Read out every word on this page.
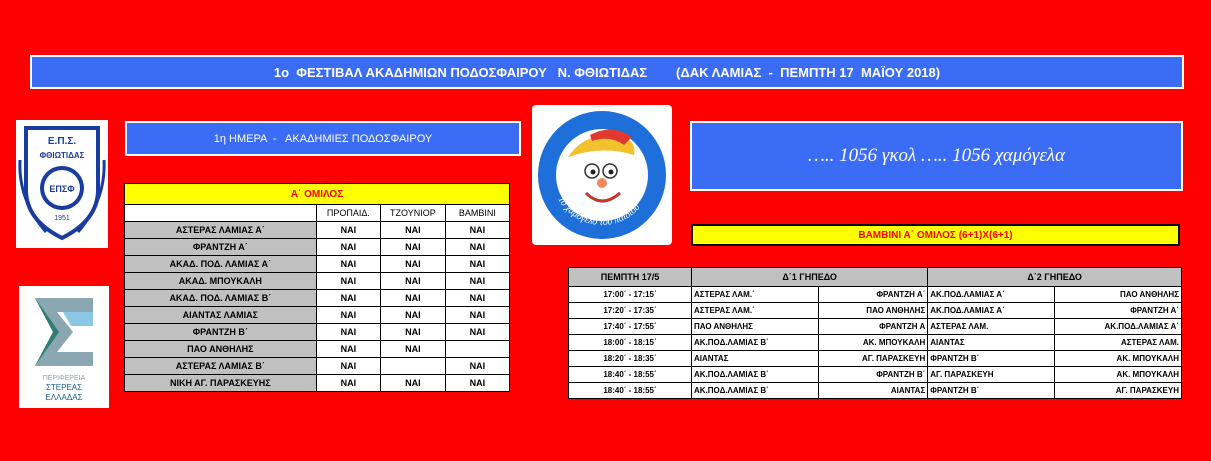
1ο  ΦΕΣΤΙΒΑΛ ΑΚΑΔΗΜΙΩΝ ΠΟΔΟΣΦΑΙΡΟΥ   Ν. ΦΘΙΩΤΙΔΑΣ        (ΔΑΚ ΛΑΜΙΑΣ  -  ΠΕΜΠΤΗ 17  ΜΑΪΟΥ 2018)
Ε.Π.Σ.
ΦΘΙΩΤΙΔΑΣ
ΕΠΣΦ
1951
ΠΕΡΙΦΕΡΕΙΑ
ΣΤΕΡΕΑΣ
ΕΛΛΑΔΑΣ
1η ΗΜΕΡΑ  -   ΑΚΑΔΗΜΙΕΣ ΠΟΔΟΣΦΑΙΡΟΥ
Το χαμόγελο του παιδιού
….. 1056 γκολ ….. 1056 χαμόγελα
Α΄ ΟΜΙΛΟΣ			
	ΠΡΟΠΑΙΔ.	ΤΖΟΥΝΙΟΡ	ΒΑΜΒΙΝΙ
ΑΣΤΕΡΑΣ ΛΑΜΙΑΣ Α΄	ΝΑΙ	ΝΑΙ	ΝΑΙ
ΦΡΑΝΤΖΗ Α΄	ΝΑΙ	ΝΑΙ	ΝΑΙ
ΑΚΑΔ. ΠΟΔ. ΛΑΜΙΑΣ Α΄	ΝΑΙ	ΝΑΙ	ΝΑΙ
ΑΚΑΔ. ΜΠΟΥΚΑΛΗ	ΝΑΙ	ΝΑΙ	ΝΑΙ
ΑΚΑΔ. ΠΟΔ. ΛΑΜΙΑΣ Β΄	ΝΑΙ	ΝΑΙ	ΝΑΙ
ΑΙΑΝΤΑΣ ΛΑΜΙΑΣ	ΝΑΙ	ΝΑΙ	ΝΑΙ
ΦΡΑΝΤΖΗ Β΄	ΝΑΙ	ΝΑΙ	ΝΑΙ
ΠΑΟ ΑΝΘΗΛΗΣ	ΝΑΙ	ΝΑΙ	
ΑΣΤΕΡΑΣ ΛΑΜΙΑΣ Β΄	ΝΑΙ		ΝΑΙ
ΝΙΚΗ ΑΓ. ΠΑΡΑΣΚΕΥΗΣ	ΝΑΙ	ΝΑΙ	ΝΑΙ
ΒΑΜΒΙΝΙ Α΄ ΟΜΙΛΟΣ (6+1)Χ(6+1)
ΠΕΜΠΤΗ 17/5	Δ΄1 ΓΗΠΕΔΟ		Δ΄2 ΓΗΠΕΔΟ	
17:00΄ - 17:15΄	ΑΣΤΕΡΑΣ ΛΑΜ.΄	ΦΡΑΝΤΖΗ Α΄	ΑΚ.ΠΟΔ.ΛΑΜΙΑΣ Α΄	ΠΑΟ ΑΝΘΗΛΗΣ
17:20΄ - 17:35΄	ΑΣΤΕΡΑΣ ΛΑΜ.΄	ΠΑΟ ΑΝΘΗΛΗΣ	ΑΚ.ΠΟΔ.ΛΑΜΙΑΣ Α΄	ΦΡΑΝΤΖΗ Α΄
17:40΄ - 17:55΄	ΠΑΟ ΑΝΘΗΛΗΣ	ΦΡΑΝΤΖΗ Α	ΑΣΤΕΡΑΣ ΛΑΜ.	ΑΚ.ΠΟΔ.ΛΑΜΙΑΣ Α΄
18:00΄ - 18:15΄	ΑΚ.ΠΟΔ.ΛΑΜΙΑΣ Β΄	ΑΚ. ΜΠΟΥΚΑΛΗ	ΑΙΑΝΤΑΣ	ΑΣΤΕΡΑΣ ΛΑΜ.
18:20΄ - 18:35΄	ΑΙΑΝΤΑΣ	ΑΓ. ΠΑΡΑΣΚΕΥΗ	ΦΡΑΝΤΖΗ Β΄	ΑΚ. ΜΠΟΥΚΑΛΗ
18:40΄ - 18:55΄	ΑΚ.ΠΟΔ.ΛΑΜΙΑΣ Β΄	ΦΡΑΝΤΖΗ Β΄	ΑΓ. ΠΑΡΑΣΚΕΥΗ	ΑΚ. ΜΠΟΥΚΑΛΗ
18:40΄ - 18:55΄	ΑΚ.ΠΟΔ.ΛΑΜΙΑΣ Β΄	ΑΙΑΝΤΑΣ	ΦΡΑΝΤΖΗ Β΄	ΑΓ. ΠΑΡΑΣΚΕΥΗ
